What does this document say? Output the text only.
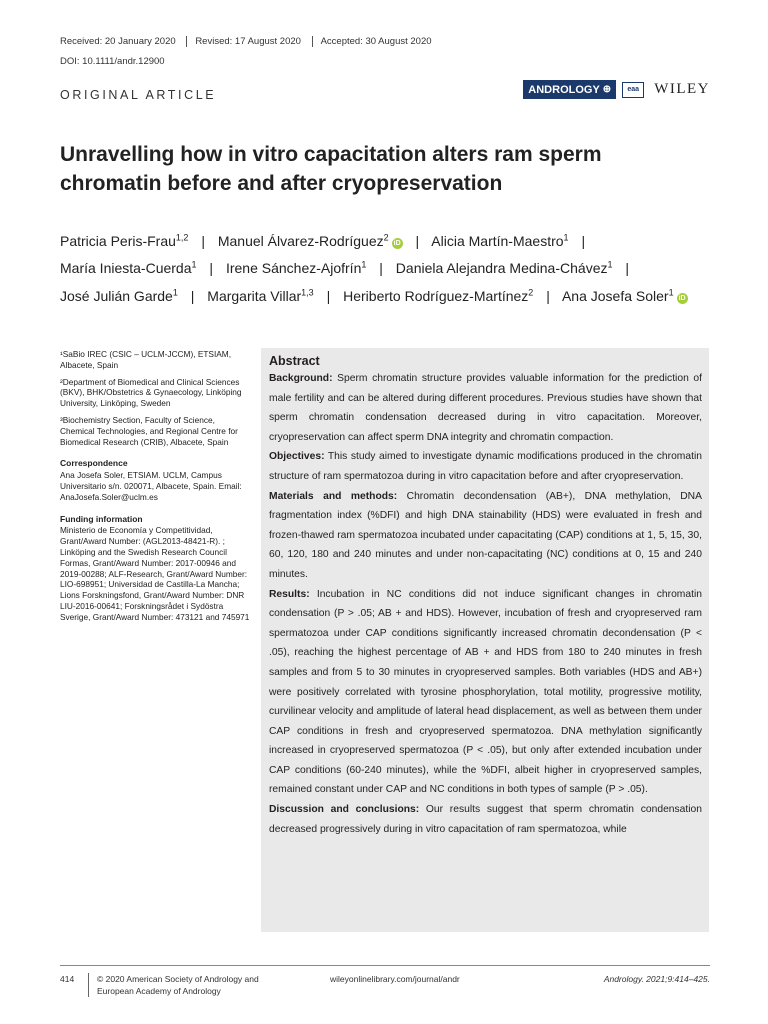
Received: 20 January 2020 Revised: 17 August 2020 Accepted: 30 August 2020
DOI: 10.1111/andr.12900
ORIGINAL ARTICLE	ANDROLOGY ⊕ eaa WILEY
Unravelling how in vitro capacitation alters ram sperm chromatin before and after cryopreservation
Patricia Peris-Frau$^{1,2}$ | Manuel Álvarez-Rodríguez$^2$iD | Alicia Martín-Maestro$^1$ | María Iniesta-Cuerda$^1$ | Irene Sánchez-Ajofrín$^1$ | Daniela Alejandra Medina-Chávez$^1$ | José Julián Garde$^1$ | Margarita Villar$^{1,3}$ | Heriberto Rodríguez-Martínez$^2$ | Ana Josefa Soler$^1$iD

¹SaBio IREC (CSIC – UCLM-JCCM), ETSIAM, Albacete, Spain

²Department of Biomedical and Clinical Sciences (BKV), BHK/Obstetrics & Gynaecology, Linköping University, Linköping, Sweden

³Biochemistry Section, Faculty of Science, Chemical Technologies, and Regional Centre for Biomedical Research (CRIB), Albacete, Spain

Correspondence

Ana Josefa Soler, ETSIAM. UCLM, Campus Universitario s/n. 020071, Albacete, Spain. Email: AnaJosefa.Soler@uclm.es

Funding information

Ministerio de Economía y Competitividad, Grant/Award Number: (AGL2013-48421-R). ; Linköping and the Swedish Research Council Formas, Grant/Award Number: 2017-00946 and 2019-00288; ALF-Research, Grant/Award Number: LIO-698951; Universidad de Castilla-La Mancha; Lions Forskningsfond, Grant/Award Number: DNR LIU-2016-00641; Forskningsrådet i Sydöstra Sverige, Grant/Award Number: 473121 and 745971

Abstract

Background: Sperm chromatin structure provides valuable information for the prediction of male fertility and can be altered during different procedures. Previous studies have shown that sperm chromatin condensation decreased during in vitro capacitation. Moreover, cryopreservation can affect sperm DNA integrity and chromatin compaction.

Objectives: This study aimed to investigate dynamic modifications produced in the chromatin structure of ram spermatozoa during in vitro capacitation before and after cryopreservation.

Materials and methods: Chromatin decondensation (AB+), DNA methylation, DNA fragmentation index (%DFI) and high DNA stainability (HDS) were evaluated in fresh and frozen-thawed ram spermatozoa incubated under capacitating (CAP) conditions at 1, 5, 15, 30, 60, 120, 180 and 240 minutes and under non-capacitating (NC) conditions at 0, 15 and 240 minutes.

Results: Incubation in NC conditions did not induce significant changes in chromatin condensation (P > .05; AB + and HDS). However, incubation of fresh and cryopreserved ram spermatozoa under CAP conditions significantly increased chromatin decondensation (P < .05), reaching the highest percentage of AB + and HDS from 180 to 240 minutes in fresh samples and from 5 to 30 minutes in cryopreserved samples. Both variables (HDS and AB+) were positively correlated with tyrosine phosphorylation, total motility, progressive motility, curvilinear velocity and amplitude of lateral head displacement, as well as between them under CAP conditions in fresh and cryopreserved spermatozoa. DNA methylation significantly increased in cryopreserved spermatozoa (P < .05), but only after extended incubation under CAP conditions (60-240 minutes), while the %DFI, albeit higher in cryopreserved samples, remained constant under CAP and NC conditions in both types of sample (P > .05).

Discussion and conclusions: Our results suggest that sperm chromatin condensation decreased progressively during in vitro capacitation of ram spermatozoa, while

414	© 2020 American Society of Andrology and European Academy of Andrology
wileyonlinelibrary.com/journal/andr	Andrology. 2021;9:414–425.
